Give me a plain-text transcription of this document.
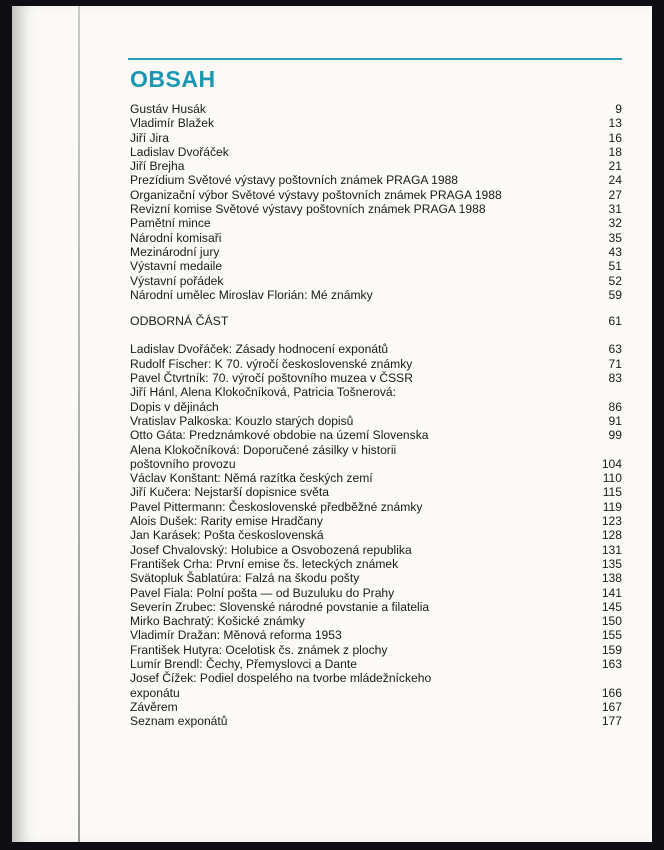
OBSAH
Gustáv Husák	9
Vladimír Blažek	13
Jiří Jira	16
Ladislav Dvořáček	18
Jiří Brejha	21
Prezídium Světové výstavy poštovních známek PRAGA 1988	24
Organizační výbor Světové výstavy poštovních známek PRAGA 1988	27
Revizní komise Světové výstavy poštovních známek PRAGA 1988	31
Pamětní mince	32
Národní komisaři	35
Mezinárodní jury	43
Výstavní medaile	51
Výstavní pořádek	52
Národní umělec Miroslav Florián: Mé známky	59
ODBORNÁ ČÁST	61
Ladislav Dvořáček: Zásady hodnocení exponátů	63
Rudolf Fischer: K 70. výročí československé známky	71
Pavel Čtvrtník: 70. výročí poštovního muzea v ČSSR	83
Jiří Hánl, Alena Klokočníková, Patricia Tošnerová:
Dopis v dějinách	86
Vratislav Palkoska: Kouzlo starých dopisů	91
Otto Gáta: Predznámkové obdobie na území Slovenska	99
Alena Klokočníková: Doporučené zásilky v historii
poštovního provozu	104
Václav Konštant: Němá razítka českých zemí	110
Jiří Kučera: Nejstarší dopisnice světa	115
Pavel Pittermann: Československé předběžné známky	119
Alois Dušek: Rarity emise Hradčany	123
Jan Karásek: Pošta československá	128
Josef Chvalovský: Holubice a Osvobozená republika	131
František Crha: První emise čs. leteckých známek	135
Svätopluk Šablatúra: Falzá na škodu pošty	138
Pavel Fiala: Polní pošta — od Buzuluku do Prahy	141
Severín Zrubec: Slovenské národné povstanie a filatelia	145
Mirko Bachratý: Košické známky	150
Vladimír Dražan: Měnová reforma 1953	155
František Hutyra: Ocelotisk čs. známek z plochy	159
Lumír Brendl: Čechy, Přemyslovci a Dante	163
Josef Čížek: Podiel dospelého na tvorbe mládežníckeho
exponátu	166
Závěrem	167
Seznam exponátů	177
